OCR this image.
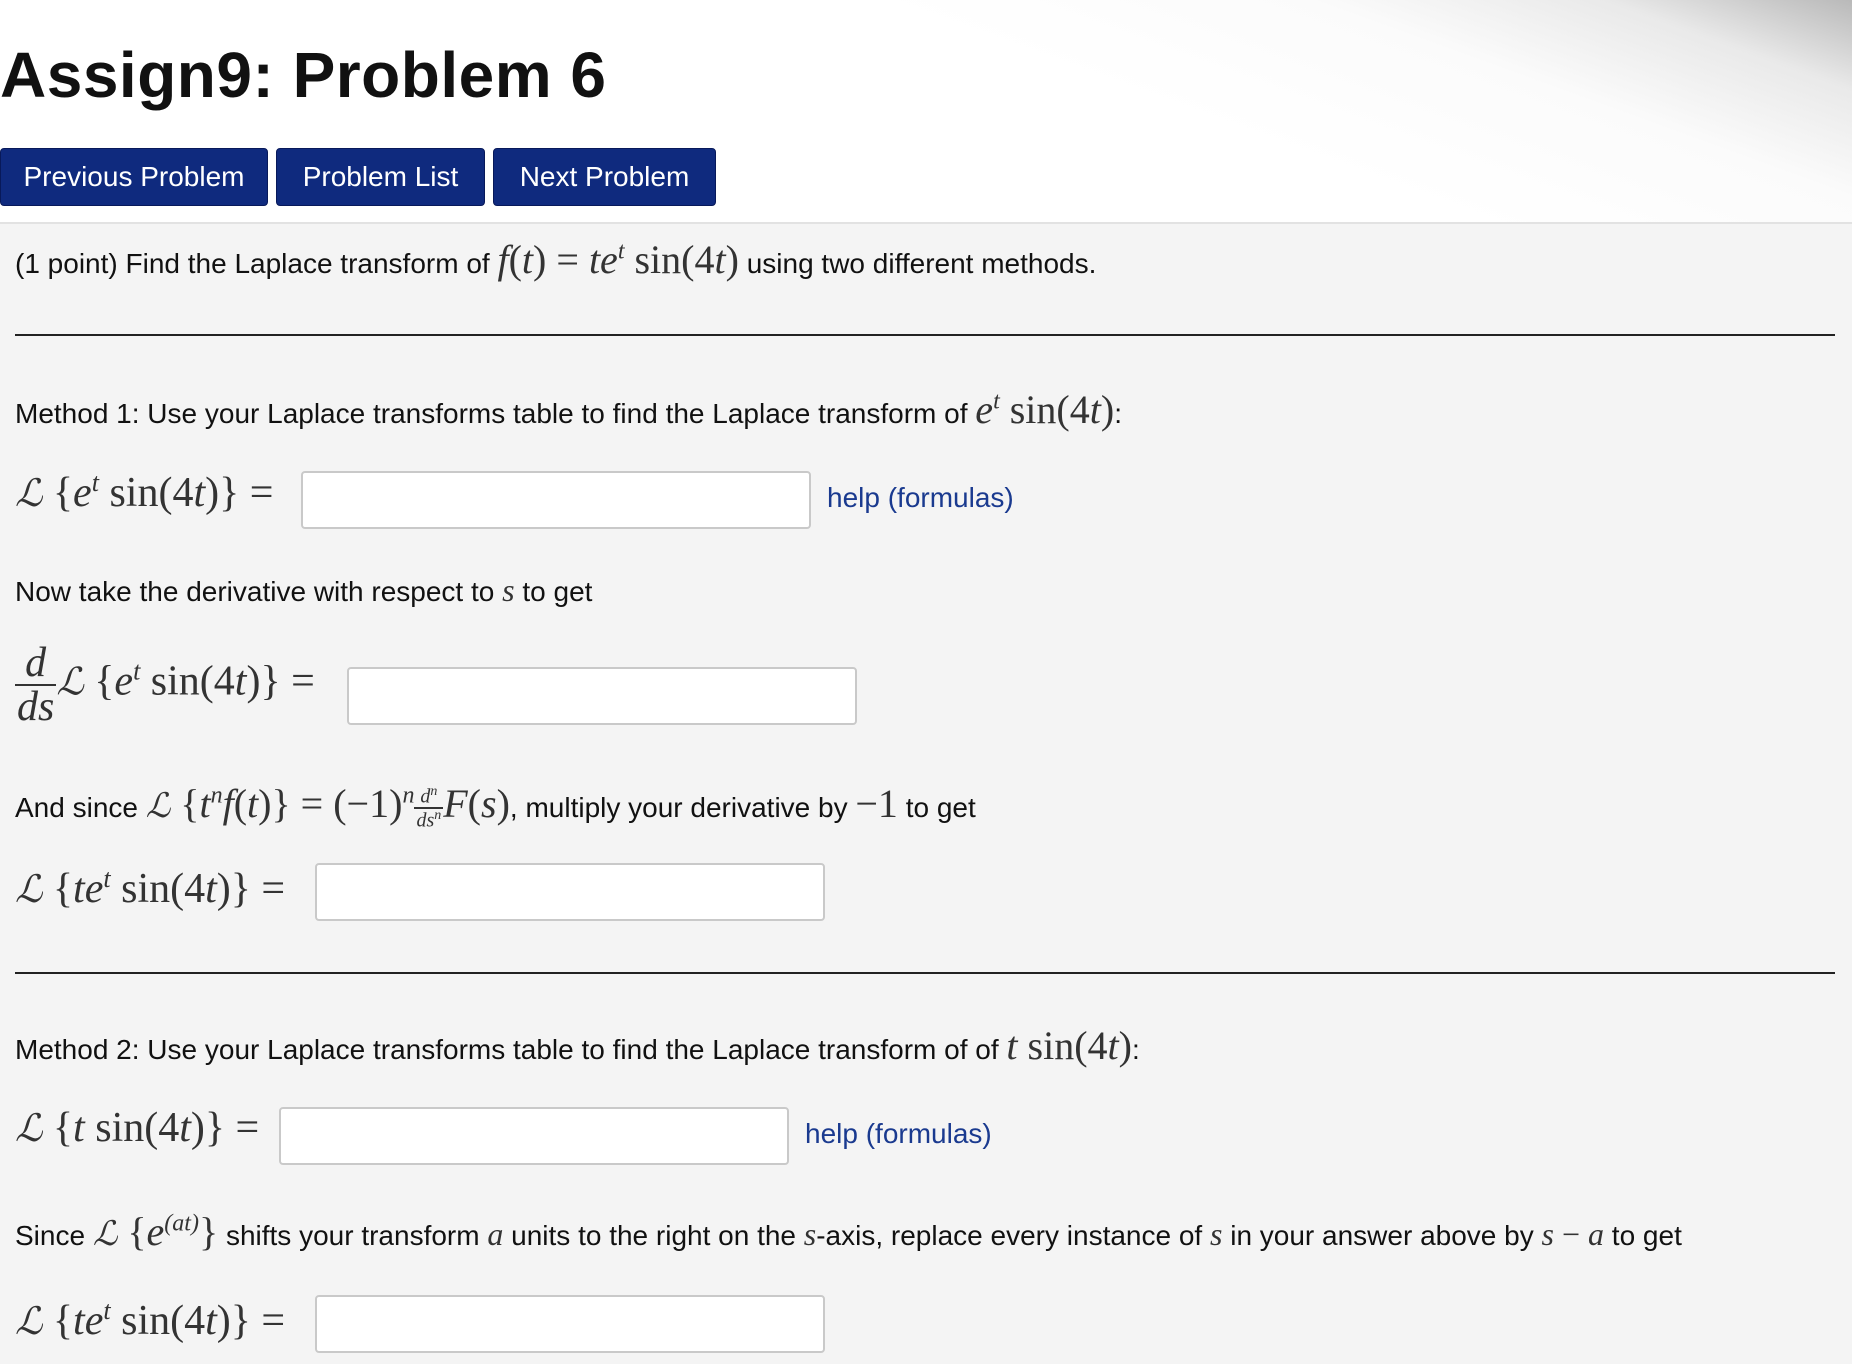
Assign9: Problem 6
Previous Problem	Problem List	Next Problem
(1 point) Find the Laplace transform of $f(t) = te^t$ sin(4t) using two different methods.
Method 1: Use your Laplace transforms table to find the Laplace transform of $e^t$ sin(4t):
ℒ {$e^t$ sin(4t)} =	help (formulas)
Now take the derivative with respect to s to get
$\frac{d}{ds}$ ℒ {$e^t$ sin(4t)} =
And since ℒ $\{t^nf(t)\} = (-1)^n \frac{d^n}{ds^n} F(s)$, multiply your derivative by −1 to get
ℒ {$te^t$ sin(4t)} =
Method 2: Use your Laplace transforms table to find the Laplace transform of of t sin(4t):
ℒ {t sin(4t)} =	help (formulas)
Since ℒ $\{e^{(at)}\}$ shifts your transform a units to the right on the s-axis, replace every instance of s in your answer above by s − a to get
ℒ {$te^t$ sin(4t)} =
